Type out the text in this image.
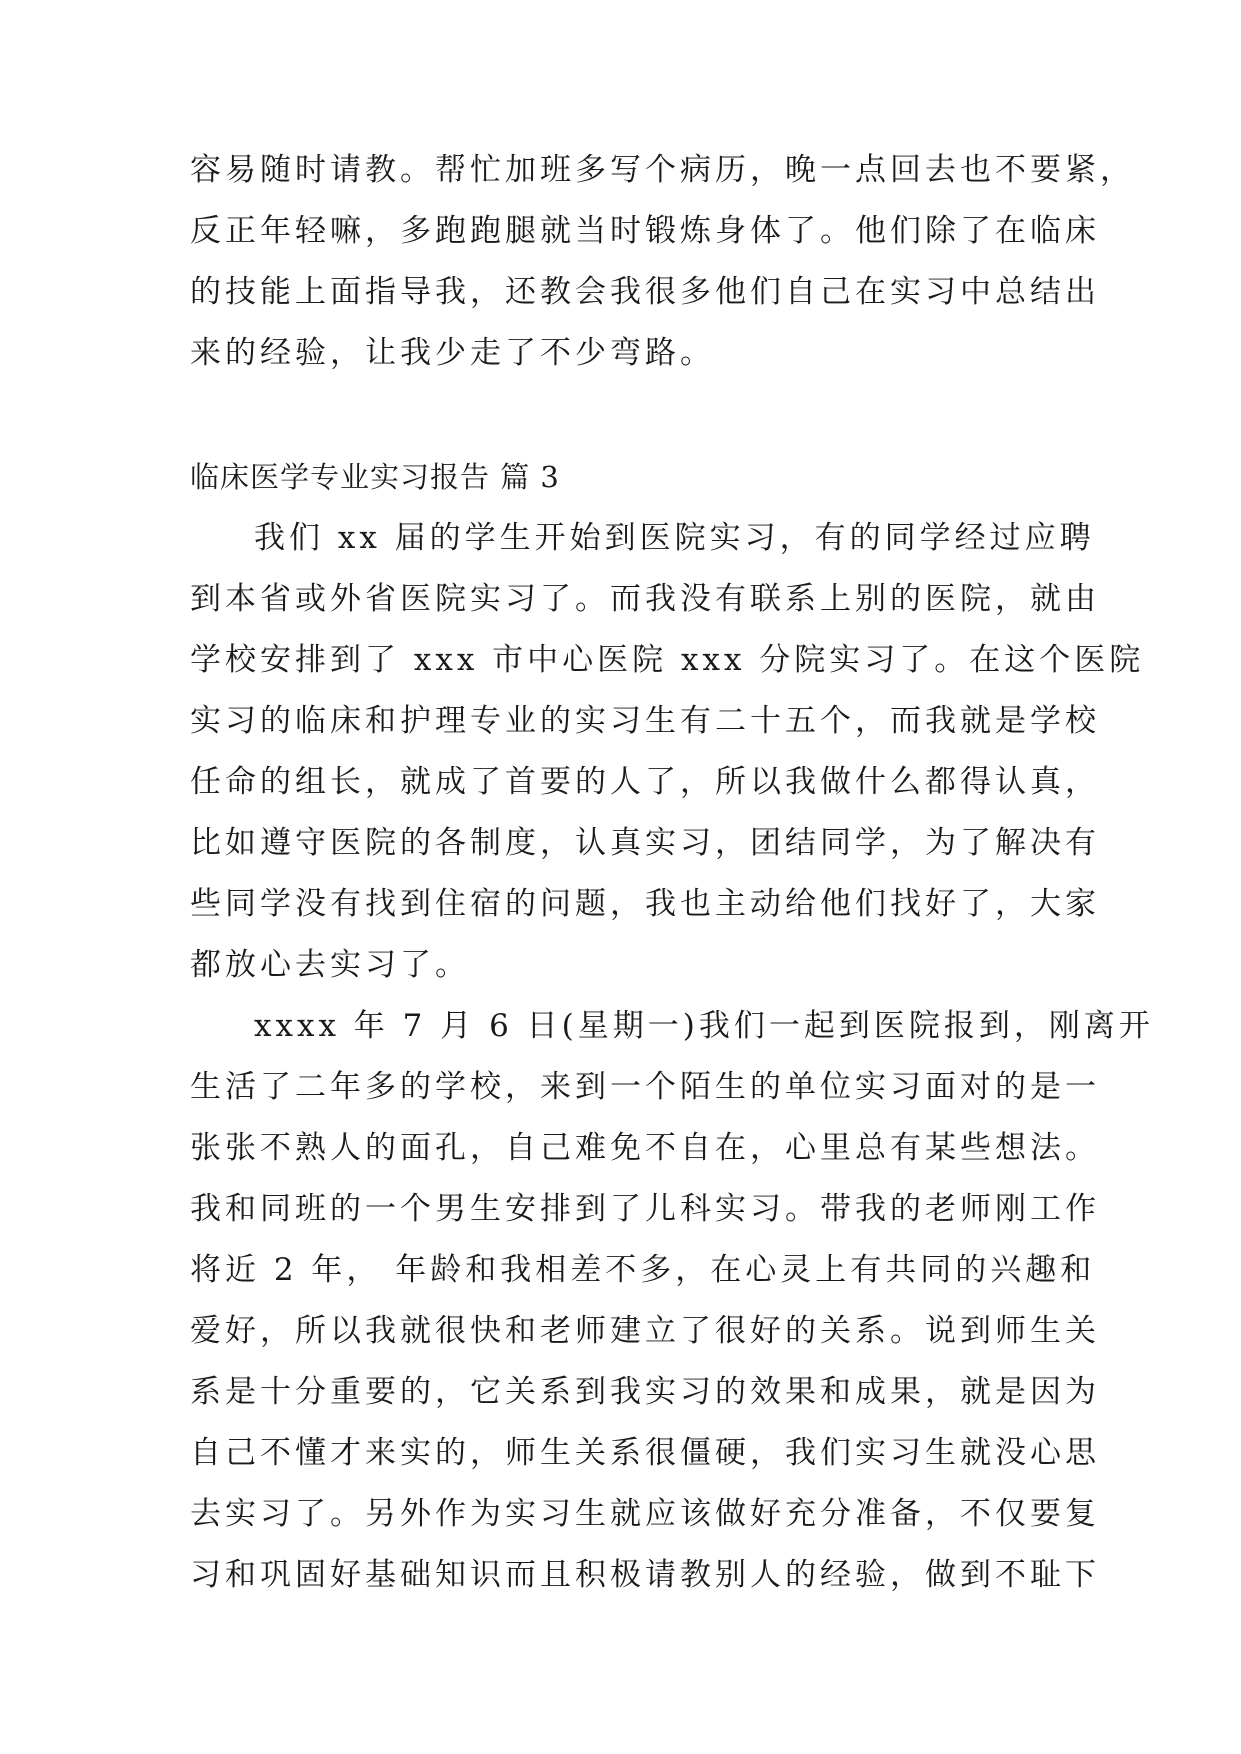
容易随时请教。帮忙加班多写个病历，晚一点回去也不要紧，
反正年轻嘛，多跑跑腿就当时锻炼身体了。他们除了在临床
的技能上面指导我，还教会我很多他们自己在实习中总结出
来的经验，让我少走了不少弯路。
临床医学专业实习报告 篇 3
我们 xx 届的学生开始到医院实习，有的同学经过应聘
到本省或外省医院实习了。而我没有联系上别的医院，就由
学校安排到了 xxx 市中心医院 xxx 分院实习了。在这个医院
实习的临床和护理专业的实习生有二十五个，而我就是学校
任命的组长，就成了首要的人了，所以我做什么都得认真，
比如遵守医院的各制度，认真实习，团结同学，为了解决有
些同学没有找到住宿的问题，我也主动给他们找好了，大家
都放心去实习了。
xxxx 年 7 月 6 日(星期一)我们一起到医院报到，刚离开
生活了二年多的学校，来到一个陌生的单位实习面对的是一
张张不熟人的面孔，自己难免不自在，心里总有某些想法。
我和同班的一个男生安排到了儿科实习。带我的老师刚工作
将近 2 年， 年龄和我相差不多，在心灵上有共同的兴趣和
爱好，所以我就很快和老师建立了很好的关系。说到师生关
系是十分重要的，它关系到我实习的效果和成果，就是因为
自己不懂才来实的，师生关系很僵硬，我们实习生就没心思
去实习了。另外作为实习生就应该做好充分准备，不仅要复
习和巩固好基础知识而且积极请教别人的经验，做到不耻下
